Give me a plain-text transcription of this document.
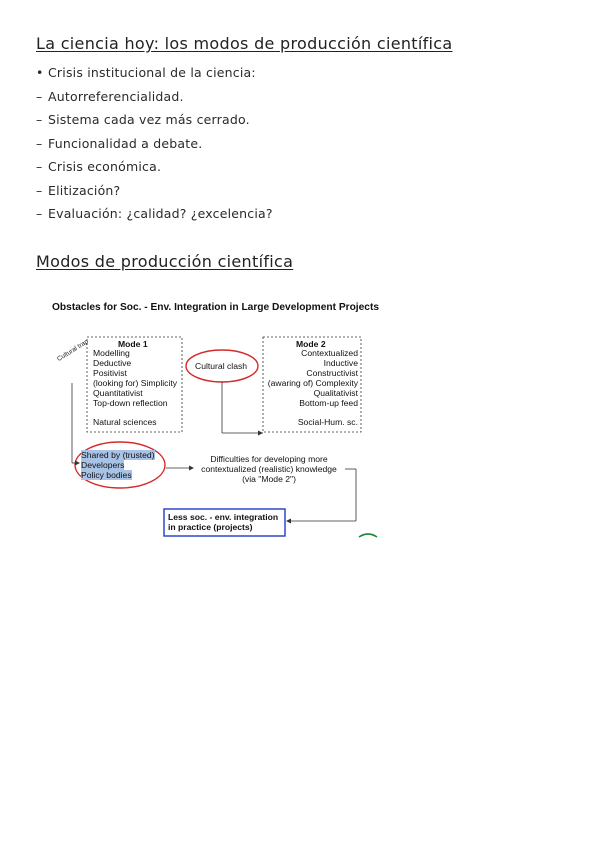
La ciencia hoy: los modos de producción científica
• Crisis institucional de la ciencia:
– Autorreferencialidad.
– Sistema cada vez más cerrado.
– Funcionalidad a debate.
– Crisis económica.
– Elitización?
– Evaluación: ¿calidad? ¿excelencia?
Modos de producción científica
Obstacles for Soc. - Env. Integration in Large Development Projects
Cultural trap	Mode 1
Modelling
Deductive
Positivist
(looking for) Simplicity
Quantitativist
Top-down reflection
Natural sciences
Mode 2
Contextualized
Inductive
Constructivist
(awaring of) Complexity
Qualitativist
Bottom-up feed
Social-Hum. sc.
Cultural clash
Shared by (trusted)
Developers
Policy bodies
Difficulties for developing more
contextualized (realistic) knowledge
(via "Mode 2")
Less soc. - env. integration
in practice (projects)
